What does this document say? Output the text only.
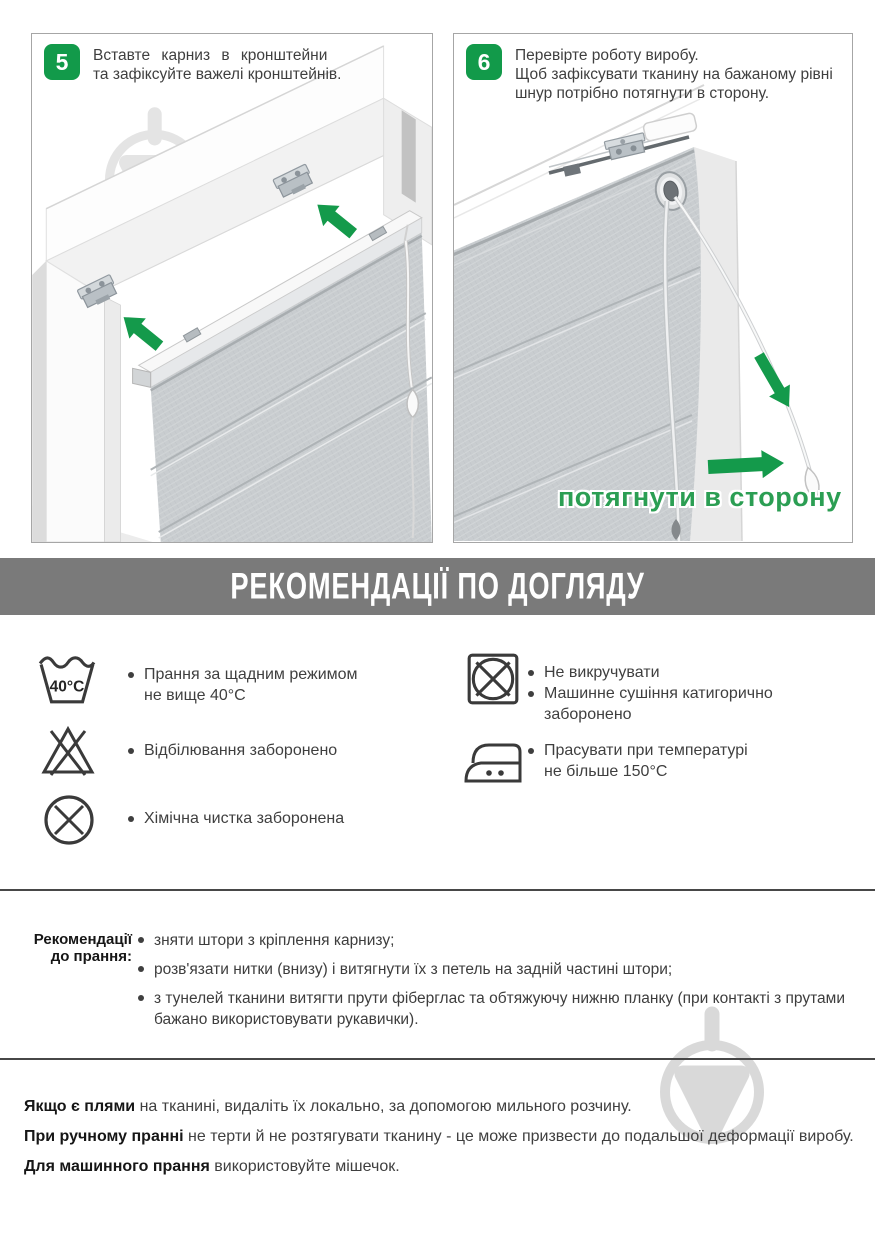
5	Вставте карниз в кронштейни
та зафіксуйте важелі кронштейнів.	6	Перевірте роботу виробу.
Щоб зафіксувати тканину на бажаному рівні
шнур потрібно потягнути в сторону.
потягнути в сторону
РЕКОМЕНДАЦІЇ ПО ДОГЛЯДУ
40°C
Прання за щадним режимом
не вище 40°С
Відбілювання заборонено
Хімічна чистка заборонена
Не викручувати
Машинне сушіння катигорично
заборонено
Прасувати при температурі
не більше 150°С
Рекомендації
до прання:
зняти штори з кріплення карнизу;
розв'язати нитки (внизу) і витягнути їх з петель на задній частині штори;
з тунелей тканини витягти прути фіберглас та обтяжуючу нижню планку (при контакті з прутами бажано використовувати рукавички).
Якщо є плями на тканині, видаліть їх локально, за допомогою мильного розчину.
При ручному пранні не терти й не розтягувати тканину - це може призвести до подальшої деформації виробу.
Для машинного прання використовуйте мішечок.
